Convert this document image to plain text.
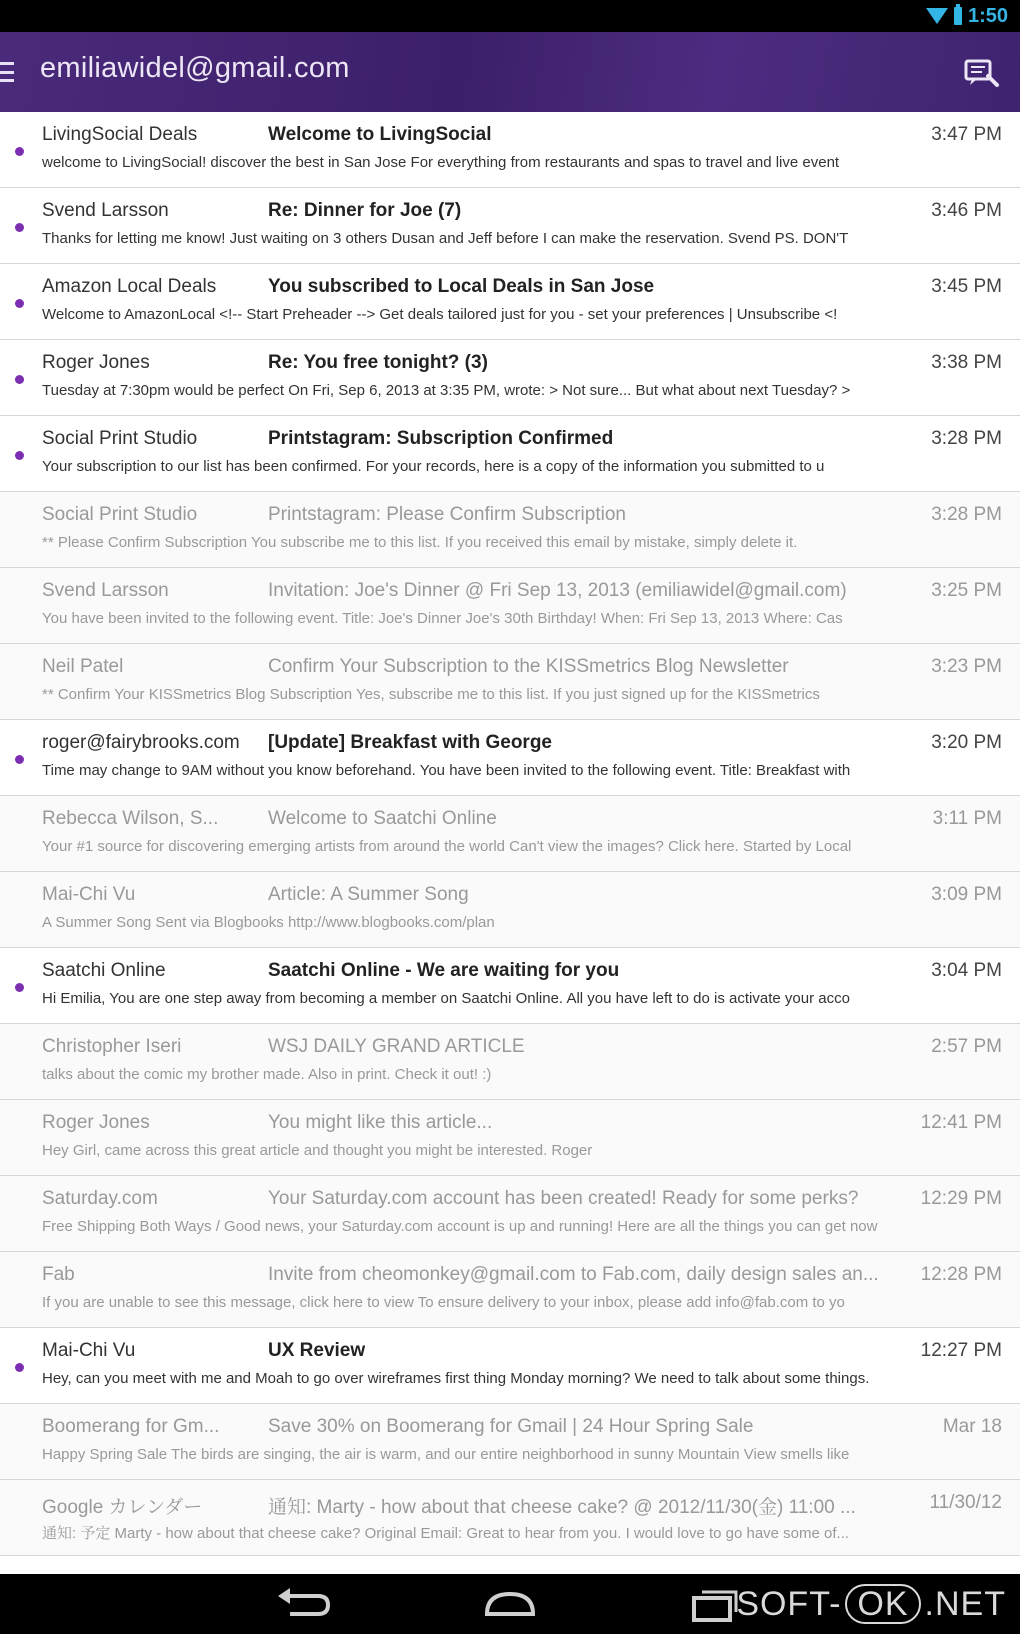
1:50
emiliawidel@gmail.com
LivingSocial Deals	Welcome to LivingSocial	3:47 PM
welcome to LivingSocial! discover the best in San Jose For everything from restaurants and spas to travel and live event
Svend Larsson	Re: Dinner for Joe (7)	3:46 PM
Thanks for letting me know! Just waiting on 3 others Dusan and Jeff before I can make the reservation. Svend PS. DON'T
Amazon Local Deals	You subscribed to Local Deals in San Jose	3:45 PM
Welcome to AmazonLocal <!-- Start Preheader --> Get deals tailored just for you - set your preferences | Unsubscribe <!
Roger Jones	Re: You free tonight? (3)	3:38 PM
Tuesday at 7:30pm would be perfect On Fri, Sep 6, 2013 at 3:35 PM, wrote: > Not sure... But what about next Tuesday? >
Social Print Studio	Printstagram: Subscription Confirmed	3:28 PM
Your subscription to our list has been confirmed. For your records, here is a copy of the information you submitted to u
Social Print Studio	Printstagram: Please Confirm Subscription	3:28 PM
** Please Confirm Subscription You subscribe me to this list. If you received this email by mistake, simply delete it.
Svend Larsson	Invitation: Joe's Dinner @ Fri Sep 13, 2013 (emiliawidel@gmail.com)	3:25 PM
You have been invited to the following event. Title: Joe's Dinner Joe's 30th Birthday! When: Fri Sep 13, 2013 Where: Cas
Neil Patel	Confirm Your Subscription to the KISSmetrics Blog Newsletter	3:23 PM
** Confirm Your KISSmetrics Blog Subscription Yes, subscribe me to this list. If you just signed up for the KISSmetrics
roger@fairybrooks.com	[Update] Breakfast with George	3:20 PM
Time may change to 9AM without you know beforehand. You have been invited to the following event. Title: Breakfast with
Rebecca Wilson, S...	Welcome to Saatchi Online	3:11 PM
Your #1 source for discovering emerging artists from around the world Can't view the images? Click here. Started by Local
Mai-Chi Vu	Article: A Summer Song	3:09 PM
A Summer Song Sent via Blogbooks http://www.blogbooks.com/plan
Saatchi Online	Saatchi Online - We are waiting for you	3:04 PM
Hi Emilia, You are one step away from becoming a member on Saatchi Online. All you have left to do is activate your acco
Christopher Iseri	WSJ DAILY GRAND ARTICLE	2:57 PM
talks about the comic my brother made. Also in print. Check it out! :)
Roger Jones	You might like this article...	12:41 PM
Hey Girl, came across this great article and thought you might be interested. Roger
Saturday.com	Your Saturday.com account has been created! Ready for some perks?	12:29 PM
Free Shipping Both Ways / Good news, your Saturday.com account is up and running! Here are all the things you can get now
Fab	Invite from cheomonkey@gmail.com to Fab.com, daily design sales an...	12:28 PM
If you are unable to see this message, click here to view To ensure delivery to your inbox, please add info@fab.com to yo
Mai-Chi Vu	UX Review	12:27 PM
Hey, can you meet with me and Moah to go over wireframes first thing Monday morning? We need to talk about some things.
Boomerang for Gm...	Save 30% on Boomerang for Gmail | 24 Hour Spring Sale	Mar 18
Happy Spring Sale The birds are singing, the air is warm, and our entire neighborhood in sunny Mountain View smells like
Google カレンダー	通知: Marty - how about that cheese cake? @ 2012/11/30(金) 11:00 ...	11/30/12
通知: 予定 Marty - how about that cheese cake? Original Email: Great to hear from you. I would love to go have some of...
SOFT- OK .NET
